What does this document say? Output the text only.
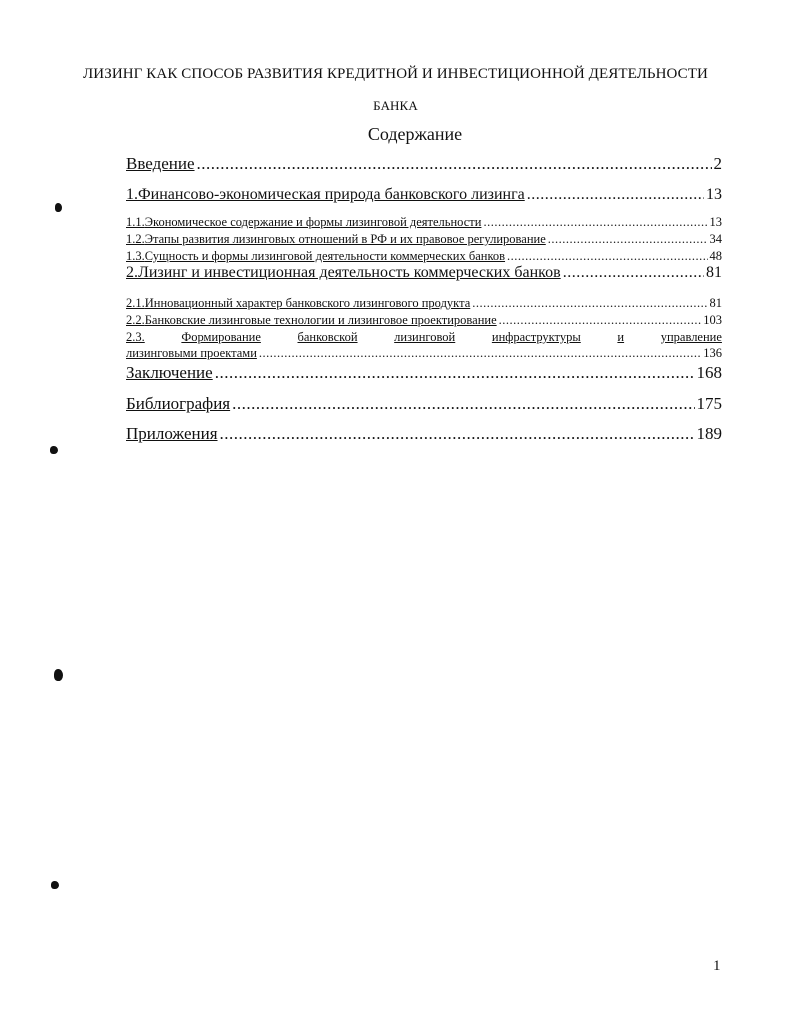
ЛИЗИНГ КАК СПОСОБ РАЗВИТИЯ КРЕДИТНОЙ И ИНВЕСТИЦИОННОЙ ДЕЯТЕЛЬНОСТИ
БАНКА
Содержание
Введение .....	2
1. Финансово-экономическая природа банковского лизинга .....	13
1.1. Экономическое содержание и формы лизинговой деятельности .....	13
1.2. Этапы развития лизинговых отношений в РФ и их правовое регулирование .....	34
1.3. Сущность и формы лизинговой деятельности коммерческих банков .....	48
2. Лизинг и инвестиционная деятельность коммерческих банков .....	81
2.1. Инновационный характер банковского лизингового продукта .....	81
2.2. Банковские лизинговые технологии и лизинговое проектирование .....	103
2.3.	Формирование	банковской	лизинговой	инфраструктуры	и	управление
лизинговыми проектами .....	136
Заключение .....	168
Библиография .....	175
Приложения .....	189
1
